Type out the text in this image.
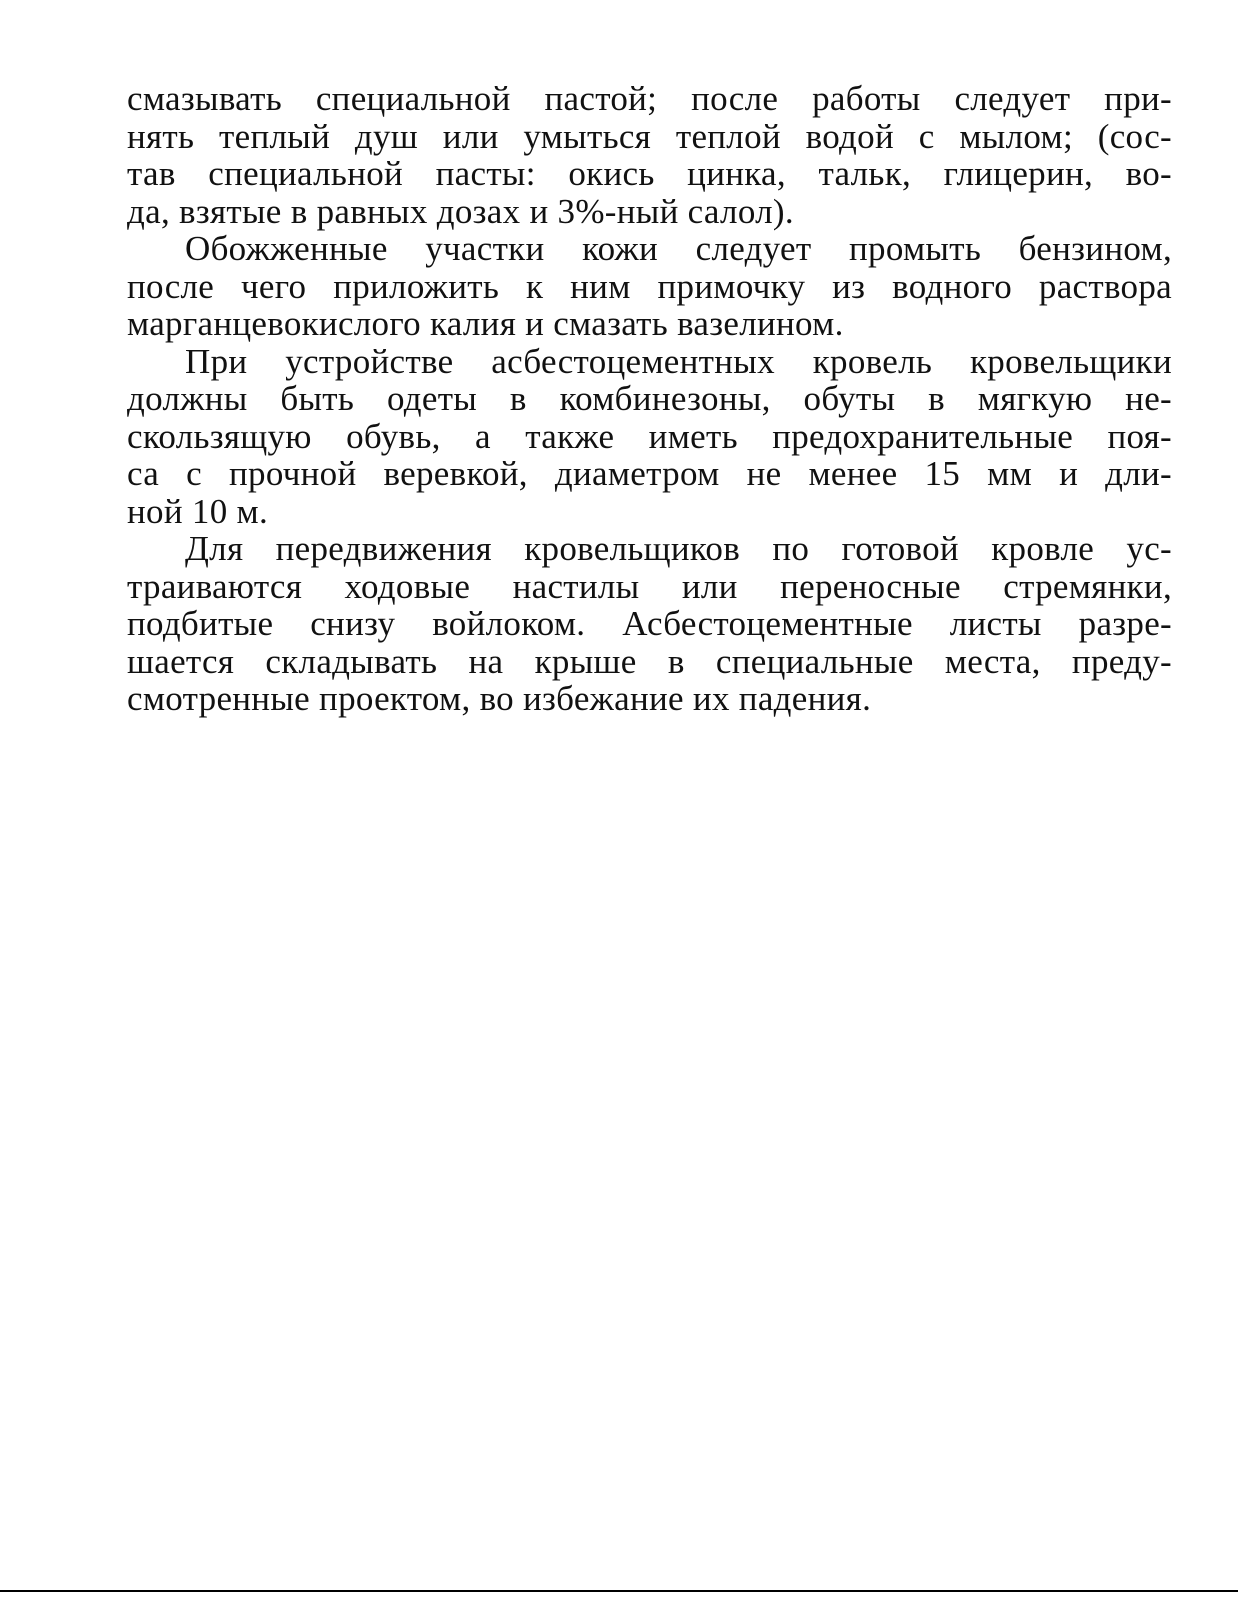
смазывать специальной пастой; после работы следует при-
нять теплый душ или умыться теплой водой с мылом; (сос-
тав специальной пасты: окись цинка, тальк, глицерин, во-
да, взятые в равных дозах и 3%-ный салол).
Обожженные участки кожи следует промыть бензином,
после чего приложить к ним примочку из водного раствора
марганцевокислого калия и смазать вазелином.
При устройстве асбестоцементных кровель кровельщики
должны быть одеты в комбинезоны, обуты в мягкую не-
скользящую обувь, а также иметь предохранительные поя-
са с прочной веревкой, диаметром не менее 15 мм и дли-
ной 10 м.
Для передвижения кровельщиков по готовой кровле ус-
траиваются ходовые настилы или переносные стремянки,
подбитые снизу войлоком. Асбестоцементные листы разре-
шается складывать на крыше в специальные места, преду-
смотренные проектом, во избежание их падения.
